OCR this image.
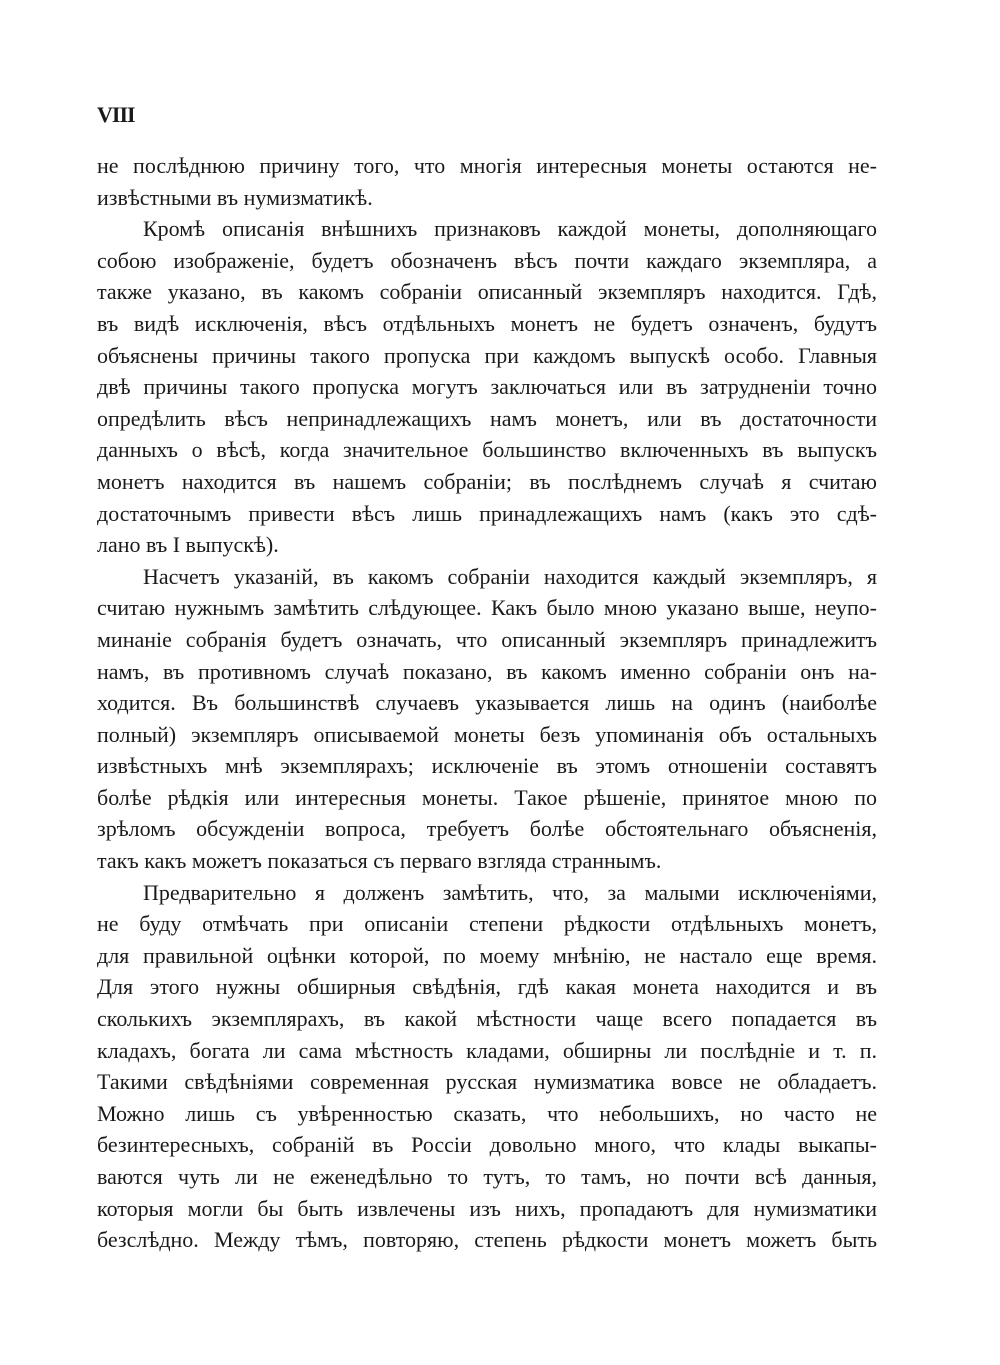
VIII
не послѣднюю причину того, что многія интересныя монеты остаются не-
извѣстными въ нумизматикѣ.
Кромѣ описанія внѣшнихъ признаковъ каждой монеты, дополняющаго
собою изображеніе, будетъ обозначенъ вѣсъ почти каждаго экземпляра, а
также указано, въ какомъ собраніи описанный экземпляръ находится. Гдѣ,
въ видѣ исключенія, вѣсъ отдѣльныхъ монетъ не будетъ означенъ, будутъ
объяснены причины такого пропуска при каждомъ выпускѣ особо. Главныя
двѣ причины такого пропуска могутъ заключаться или въ затрудненіи точно
опредѣлить вѣсъ непринадлежащихъ намъ монетъ, или въ достаточности
данныхъ о вѣсѣ, когда значительное большинство включенныхъ въ выпускъ
монетъ находится въ нашемъ собраніи; въ послѣднемъ случаѣ я считаю
достаточнымъ привести вѣсъ лишь принадлежащихъ намъ (какъ это сдѣ-
лано въ I выпускѣ).
Насчетъ указаній, въ какомъ собраніи находится каждый экземпляръ, я
считаю нужнымъ замѣтить слѣдующее. Какъ было мною указано выше, неупо-
минаніе собранія будетъ означать, что описанный экземпляръ принадлежитъ
намъ, въ противномъ случаѣ показано, въ какомъ именно собраніи онъ на-
ходится. Въ большинствѣ случаевъ указывается лишь на одинъ (наиболѣе
полный) экземпляръ описываемой монеты безъ упоминанія объ остальныхъ
извѣстныхъ мнѣ экземплярахъ; исключеніе въ этомъ отношеніи составятъ
болѣе рѣдкія или интересныя монеты. Такое рѣшеніе, принятое мною по
зрѣломъ обсужденіи вопроса, требуетъ болѣе обстоятельнаго объясненія,
такъ какъ можетъ показаться съ перваго взгляда страннымъ.
Предварительно я долженъ замѣтить, что, за малыми исключеніями,
не буду отмѣчать при описаніи степени рѣдкости отдѣльныхъ монетъ,
для правильной оцѣнки которой, по моему мнѣнію, не настало еще время.
Для этого нужны обширныя свѣдѣнія, гдѣ какая монета находится и въ
сколькихъ экземплярахъ, въ какой мѣстности чаще всего попадается въ
кладахъ, богата ли сама мѣстность кладами, обширны ли послѣдніе и т. п.
Такими свѣдѣніями современная русская нумизматика вовсе не обладаетъ.
Можно лишь съ увѣренностью сказать, что небольшихъ, но часто не
безинтересныхъ, собраній въ Россіи довольно много, что клады выкапы-
ваются чуть ли не еженедѣльно то тутъ, то тамъ, но почти всѣ данныя,
которыя могли бы быть извлечены изъ нихъ, пропадаютъ для нумизматики
безслѣдно. Между тѣмъ, повторяю, степень рѣдкости монетъ можетъ быть
